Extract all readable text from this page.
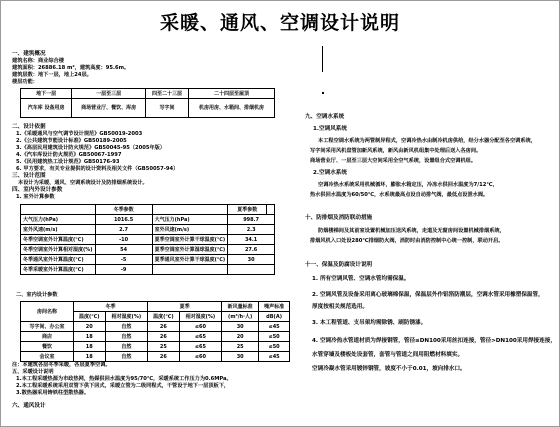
采暖、通风、空调设计说明
一、建筑概况
建筑名称：商业综合楼
建筑面积：26886.18 m²，建筑高度：95.6m。
建筑层数：地下一层，地上24层。
楼层功能：
地下一层	一层至三层	四至二十三层	二十四层至屋顶
汽车库 设备用房	商场营业厅、餐饮、库房	写字间	机房用房、水箱间、排烟机房
二、设计依据
1.《采暖通风与空气调节设计规范》GB50019-2003
2.《公共建筑节能设计标准》GB50189-2005
3.《高层民用建筑设计防火规范》GB50045-95（2005年版）
4.《汽车库设计防火规范》GB50067-1997
5.《民用建筑热工设计规范》GB50176-93
6. 甲方要求，有关专业提供的设计资料及相关文件（GB50057-94）
三、设计范围
本设计为采暖、通风、空调系统设计及防排烟系统设计。
四、室内外设计参数
1. 室外计算参数
	冬季参数		夏季参数	
大气压力(hPa)	1016.5	大气压力(hPa)	998.7	
室外风速(m/s)	2.7	室外风速(m/s)	2.3	
冬季空调室外计算温度(℃)	-10	夏季空调室外计算干球温度(℃)	34.1	
冬季空调室外计算相对湿度(%)	54	夏季空调室外计算湿球温度(℃)	27.6	
冬季通风室外计算温度(℃)	-5	夏季通风室外计算干球温度(℃)	30	
冬季采暖室外计算温度(℃)	-9			
二、室内设计参数
房间名称	冬季		夏季		新风量标准	噪声标准
	温度(℃)	相对湿度(%)	温度(℃)	相对湿度(%)	(m³/h·人)	dB(A)
写字间、办公室	20	自然	26	≤60	30	≤45
商店	18	自然	26	≤65	20	≤50
餐饮	18	自然	25	≤65	25	≤50
会议室	18	自然	26	≤60	30	≤45
注：本建筑各层冬季采暖，各层夏季空调。
五、采暖设计说明
1.本工程采暖热源为市政热网，热媒供回水温度为95/70℃，采暖系统工作压力为0.6MPa。
2.本工程采暖系统采用双管下供下回式，采暖立管为二级同程式，干管设于地下一层顶板下，
3.散热器采用铸铁柱型散热器。
六、通风设计
九、空调水系统
1.空调风系统
本工程空调水系统为两管制异程式，空调冷热水由制冷机房供给，经分水器分配至各空调系统，
写字间采用风机盘管加新风系统，新风由新风机组集中处理后送入各房间。
商场营业厅、一层至三层大空间采用全空气系统，设置组合式空调机组。
2.空调水系统
空调冷热水系统采用机械循环，膨胀水箱定压，冷冻水供回水温度为7/12℃，
热水供回水温度为60/50℃，水系统最高点设自动排气阀，最低点设泄水阀。
十、防排烟及消防联动措施
防烟楼梯间及其前室设置机械加压送风系统，走道及无窗房间设置机械排烟系统，
排烟风机入口处设280℃排烟防火阀，消防时由消防控制中心统一控制，联动开启。
十一、保温及防腐设计说明
1. 所有空调风管、空调水管均需保温。
2. 空调风管及设备采用离心玻璃棉保温，保温层外作铝箔防潮层，空调水管采用橡塑保温管，
厚度按相关规范选用。
3. 本工程管道、支吊架均需除锈、刷防锈漆。
4. 空调冷热水管道材质为焊接钢管，管径≤DN100采用丝扣连接，管径>DN100采用焊接连接，
水管穿墙及楼板处设套管，套管与管道之间用阻燃材料填实。
空调冷凝水管采用镀锌钢管，坡度不小于0.01，坡向排水口。
